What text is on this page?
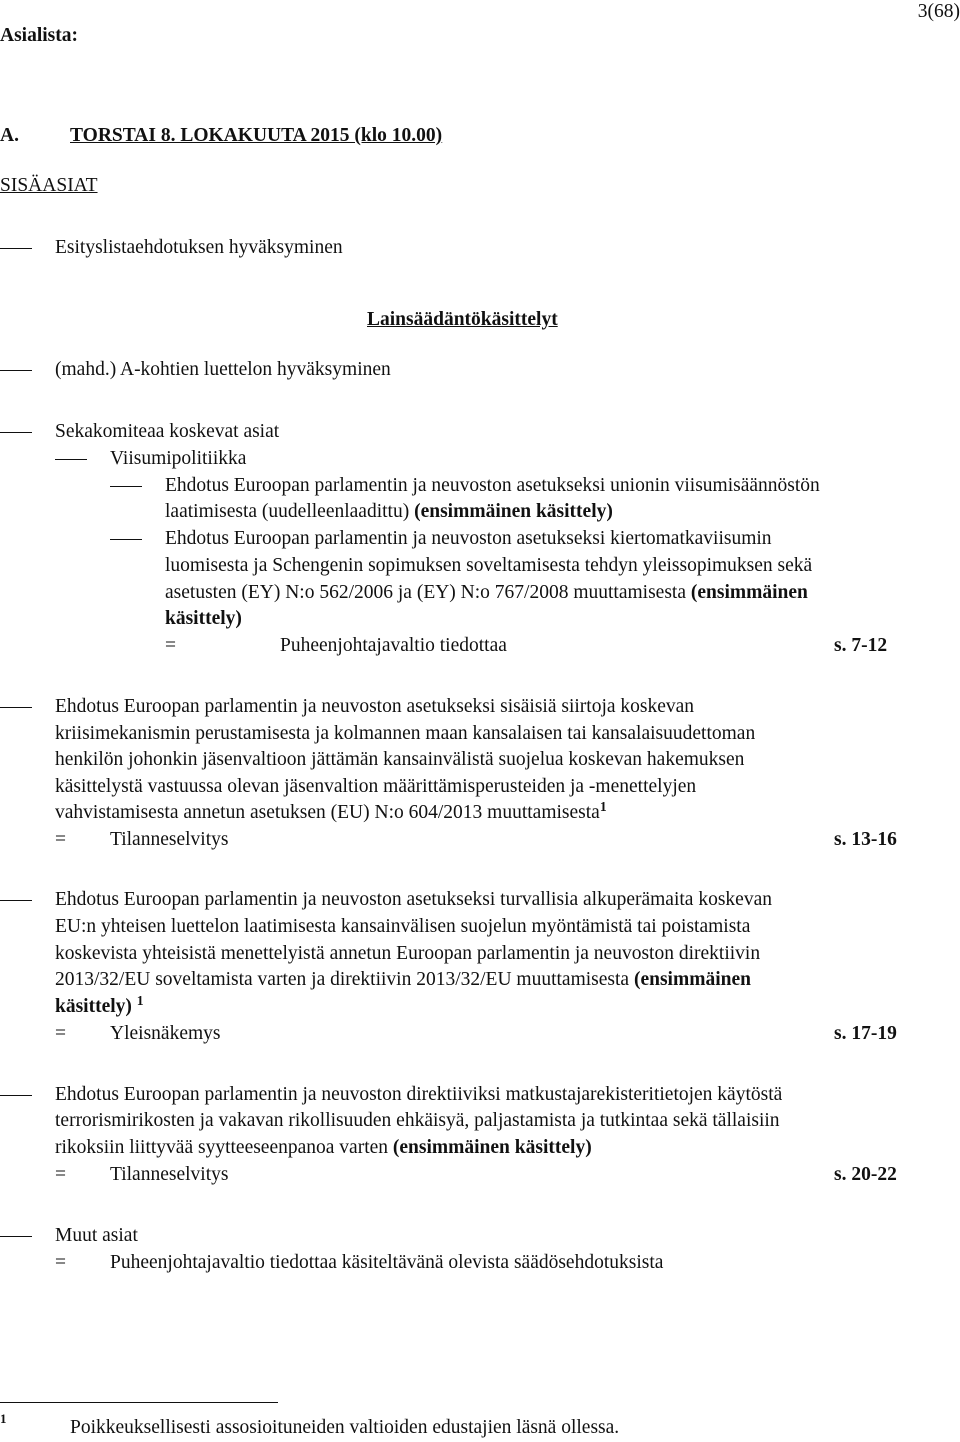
Asialista:
3(68)
A.	TORSTAI 8. LOKAKUUTA 2015 (klo 10.00)
SISÄASIAT
Esityslistaehdotuksen hyväksyminen
Lainsäädäntökäsittelyt
(mahd.) A-kohtien luettelon hyväksyminen
Sekakomiteaa koskevat asiat
Viisumipolitiikka
Ehdotus Euroopan parlamentin ja neuvoston asetukseksi unionin viisumisäännöstön
laatimisesta (uudelleenlaadittu) (ensimmäinen käsittely)
Ehdotus Euroopan parlamentin ja neuvoston asetukseksi kiertomatkaviisumin
luomisesta ja Schengenin sopimuksen soveltamisesta tehdyn yleissopimuksen sekä
asetusten (EY) N:o 562/2006 ja (EY) N:o 767/2008 muuttamisesta (ensimmäinen
käsittely)
=	Puheenjohtajavaltio tiedottaa	s. 7-12
Ehdotus Euroopan parlamentin ja neuvoston asetukseksi sisäisiä siirtoja koskevan
kriisimekanismin perustamisesta ja kolmannen maan kansalaisen tai kansalaisuudettoman
henkilön johonkin jäsenvaltioon jättämän kansainvälistä suojelua koskevan hakemuksen
käsittelystä vastuussa olevan jäsenvaltion määrittämisperusteiden ja -menettelyjen
vahvistamisesta annetun asetuksen (EU) N:o 604/2013 muuttamisesta$^1$
= Tilanneselvitys	s. 13-16
Ehdotus Euroopan parlamentin ja neuvoston asetukseksi turvallisia alkuperämaita koskevan
EU:n yhteisen luettelon laatimisesta kansainvälisen suojelun myöntämistä tai poistamista
koskevista yhteisistä menettelyistä annetun Euroopan parlamentin ja neuvoston direktiivin
2013/32/EU soveltamista varten ja direktiivin 2013/32/EU muuttamisesta (ensimmäinen
käsittely) $^1$
= Yleisnäkemys	s. 17-19
Ehdotus Euroopan parlamentin ja neuvoston direktiiviksi matkustajarekisteritietojen käytöstä
terrorismirikosten ja vakavan rikollisuuden ehkäisyä, paljastamista ja tutkintaa sekä tällaisiin
rikoksiin liittyvää syytteeseenpanoa varten (ensimmäinen käsittely)
= Tilanneselvitys	s. 20-22
Muut asiat
= Puheenjohtajavaltio tiedottaa käsiteltävänä olevista säädösehdotuksista
1	Poikkeuksellisesti assosioituneiden valtioiden edustajien läsnä ollessa.
